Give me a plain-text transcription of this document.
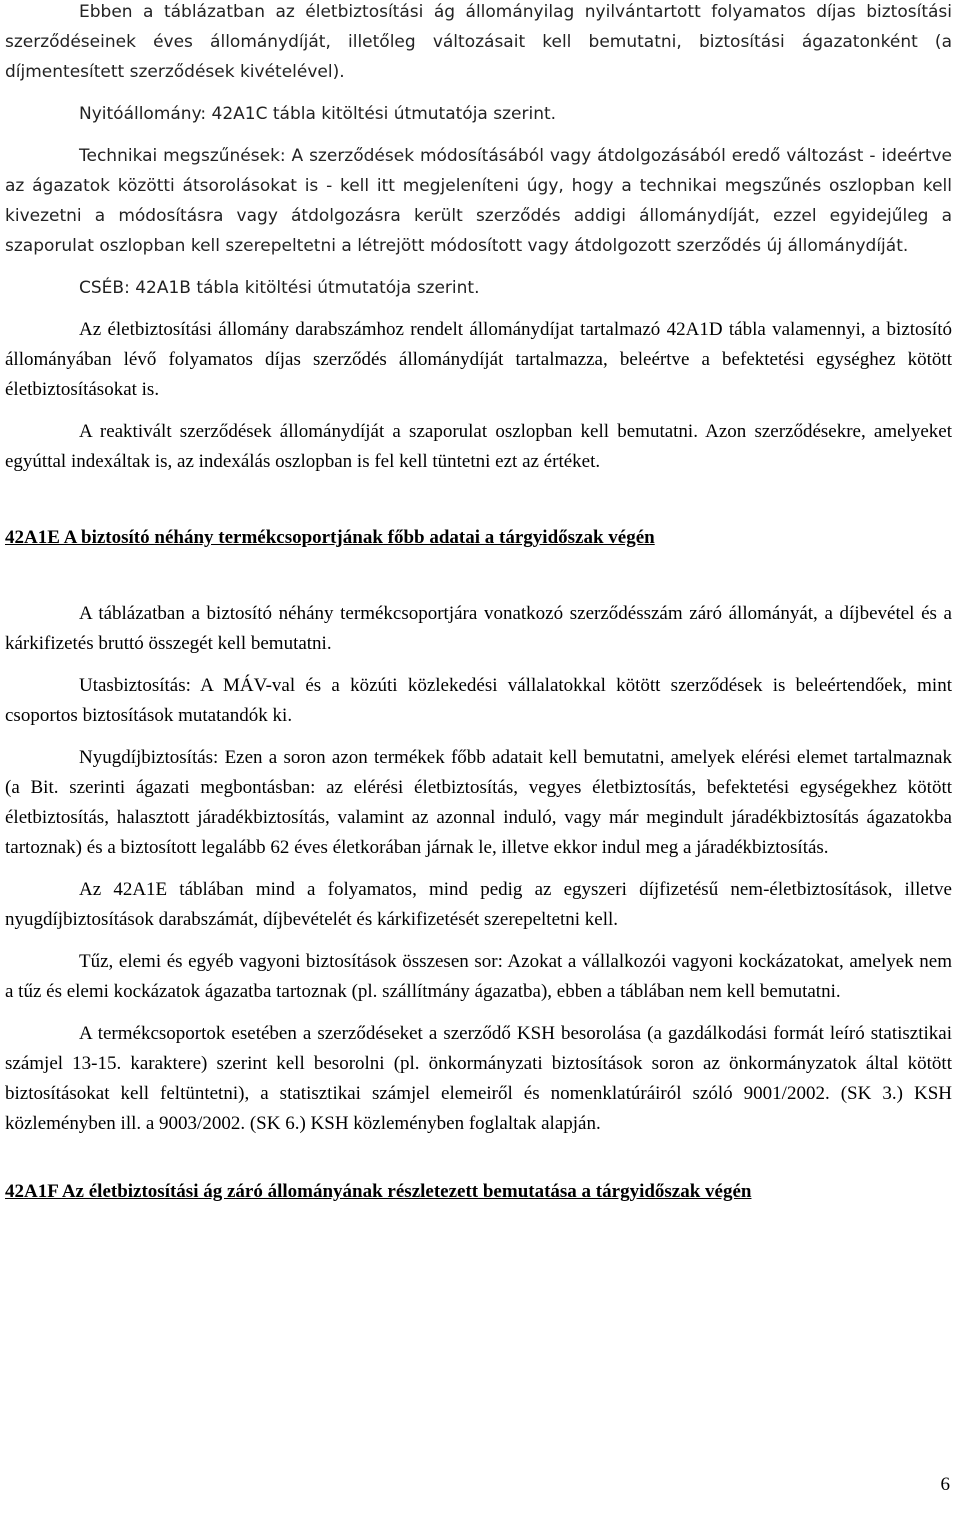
Ebben a táblázatban az életbiztosítási ág állományilag nyilvántartott folyamatos díjas biztosítási szerződéseinek éves állománydíját, illetőleg változásait kell bemutatni, biztosítási ágazatonként (a díjmentesített szerződések kivételével).

Nyitóállomány: 42A1C tábla kitöltési útmutatója szerint.

Technikai megszűnések: A szerződések módosításából vagy átdolgozásából eredő változást - ideértve az ágazatok közötti átsorolásokat is - kell itt megjeleníteni úgy, hogy a technikai megszűnés oszlopban kell kivezetni a módosításra vagy átdolgozásra került szerződés addigi állománydíját, ezzel egyidejűleg a szaporulat oszlopban kell szerepeltetni a létrejött módosított vagy átdolgozott szerződés új állománydíját.

CSÉB: 42A1B tábla kitöltési útmutatója szerint.

Az életbiztosítási állomány darabszámhoz rendelt állománydíjat tartalmazó 42A1D tábla valamennyi, a biztosító állományában lévő folyamatos díjas szerződés állománydíját tartalmazza, beleértve a befektetési egységhez kötött életbiztosításokat is.

A reaktivált szerződések állománydíját a szaporulat oszlopban kell bemutatni. Azon szerződésekre, amelyeket egyúttal indexáltak is, az indexálás oszlopban is fel kell tüntetni ezt az értéket.

42A1E A biztosító néhány termékcsoportjának főbb adatai a tárgyidőszak végén

A táblázatban a biztosító néhány termékcsoportjára vonatkozó szerződésszám záró állományát, a díjbevétel és a kárkifizetés bruttó összegét kell bemutatni.

Utasbiztosítás: A MÁV-val és a közúti közlekedési vállalatokkal kötött szerződések is beleértendőek, mint csoportos biztosítások mutatandók ki.

Nyugdíjbiztosítás: Ezen a soron azon termékek főbb adatait kell bemutatni, amelyek elérési elemet tartalmaznak (a Bit. szerinti ágazati megbontásban: az elérési életbiztosítás, vegyes életbiztosítás, befektetési egységekhez kötött életbiztosítás, halasztott járadékbiztosítás, valamint az azonnal induló, vagy már megindult járadékbiztosítás ágazatokba tartoznak) és a biztosított legalább 62 éves életkorában járnak le, illetve ekkor indul meg a járadékbiztosítás.

Az 42A1E táblában mind a folyamatos, mind pedig az egyszeri díjfizetésű nem-életbiztosítások, illetve nyugdíjbiztosítások darabszámát, díjbevételét és kárkifizetését szerepeltetni kell.

Tűz, elemi és egyéb vagyoni biztosítások összesen sor: Azokat a vállalkozói vagyoni kockázatokat, amelyek nem a tűz és elemi kockázatok ágazatba tartoznak (pl. szállítmány ágazatba), ebben a táblában nem kell bemutatni.

A termékcsoportok esetében a szerződéseket a szerződő KSH besorolása (a gazdálkodási formát leíró statisztikai számjel 13-15. karaktere) szerint kell besorolni (pl. önkormányzati biztosítások soron az önkormányzatok által kötött biztosításokat kell feltüntetni), a statisztikai számjel elemeiről és nomenklatúráiról szóló 9001/2002. (SK 3.) KSH közleményben ill. a 9003/2002. (SK 6.) KSH közleményben foglaltak alapján.

42A1F Az életbiztosítási ág záró állományának részletezett bemutatása a tárgyidőszak végén

6
